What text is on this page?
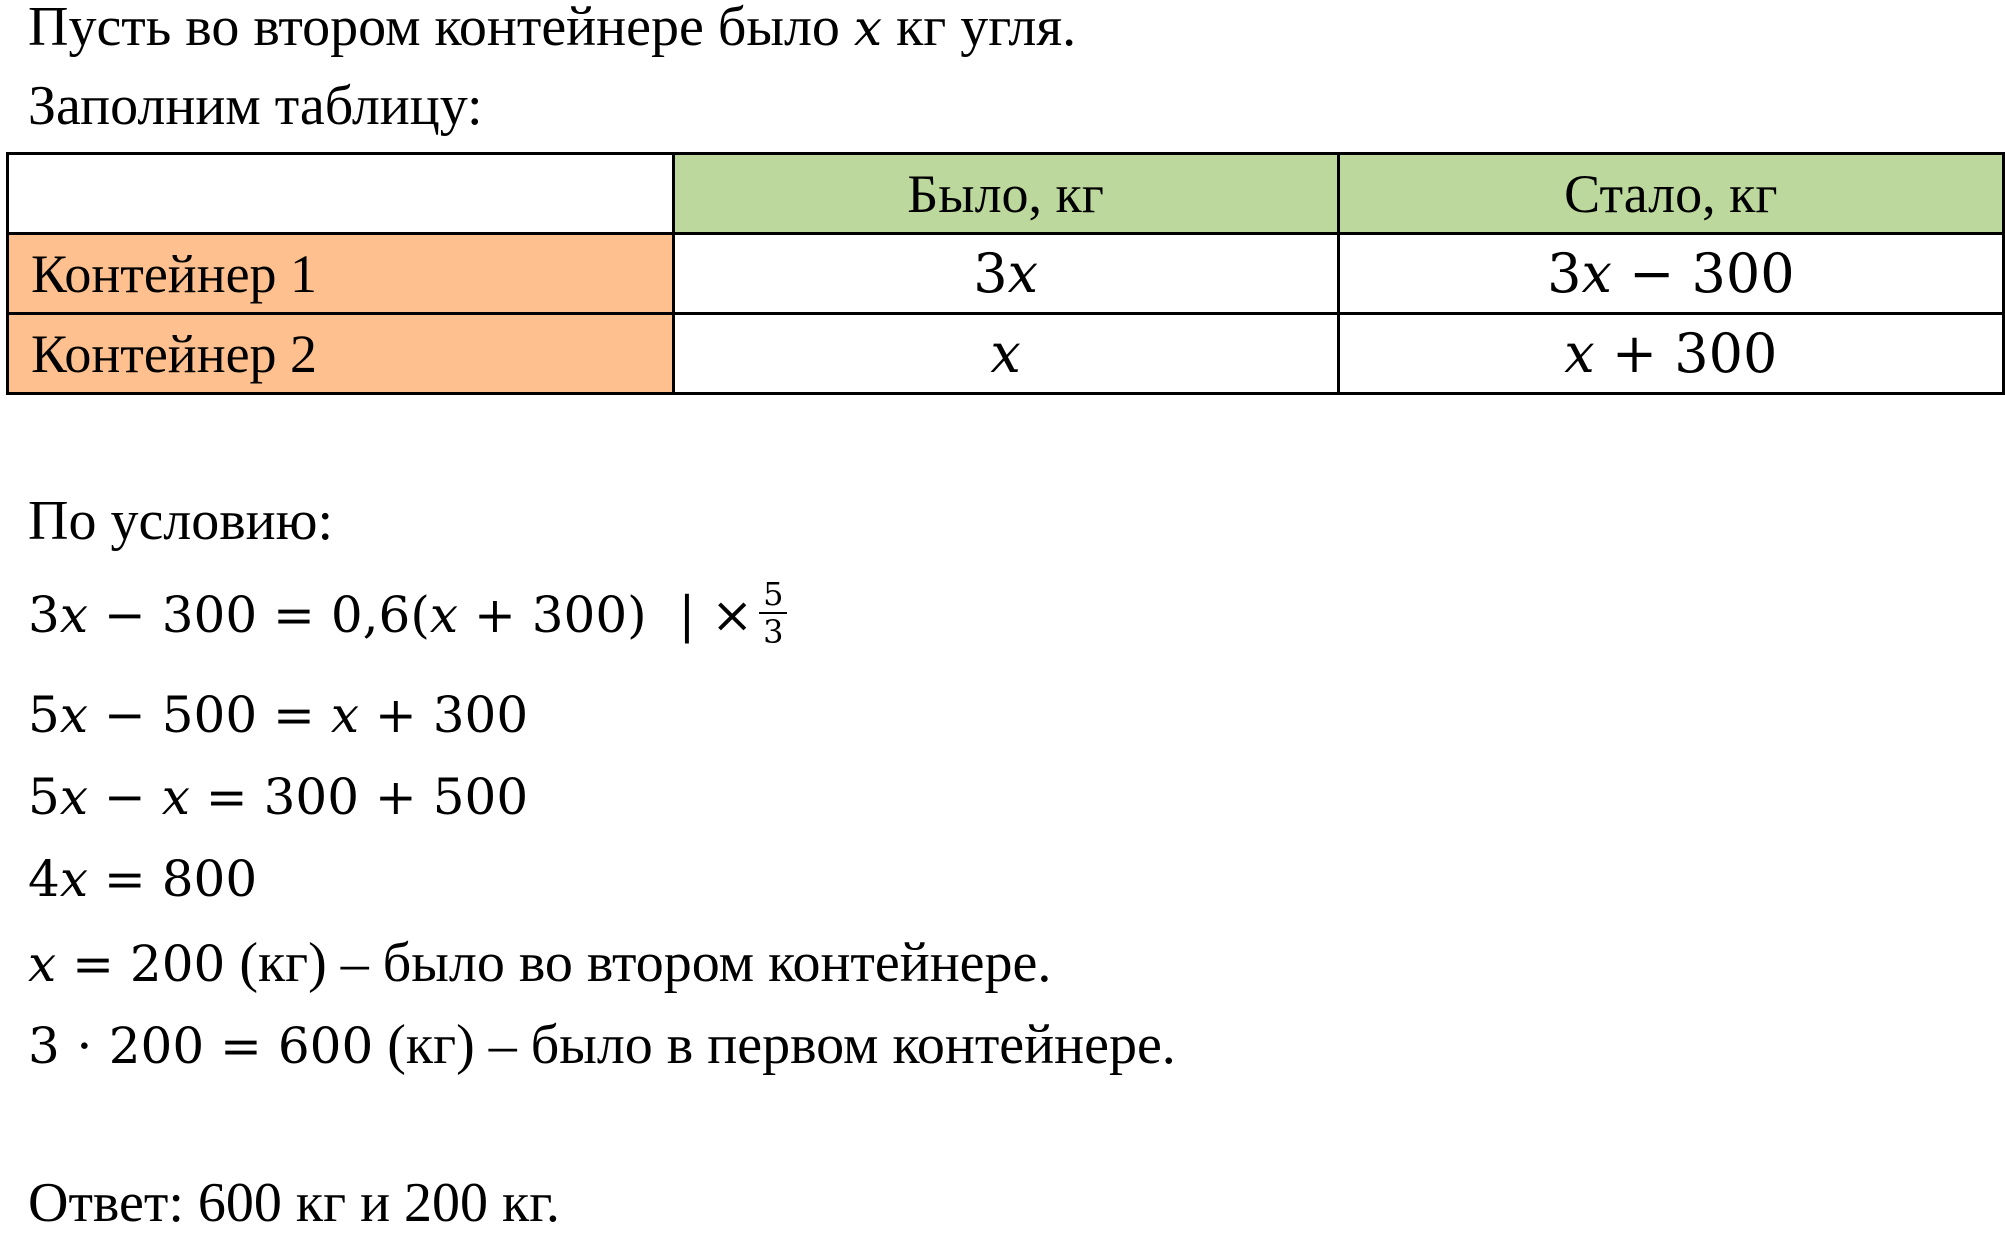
Пусть во втором контейнере было x кг угля.
Заполним таблицу:
	Было, кг	Стало, кг
Контейнер 1	3x	3x − 300
Контейнер 2	x	x + 300
По условию:
3x − 300 = 0,6(x + 300)  | × $\frac{5}{3}$
5x − 500 = x + 300
5x − x = 300 + 500
4x = 800
x = 200 (кг) – было во втором контейнере.
3 ⋅ 200 = 600 (кг) – было в первом контейнере.
Ответ: 600 кг и 200 кг.
